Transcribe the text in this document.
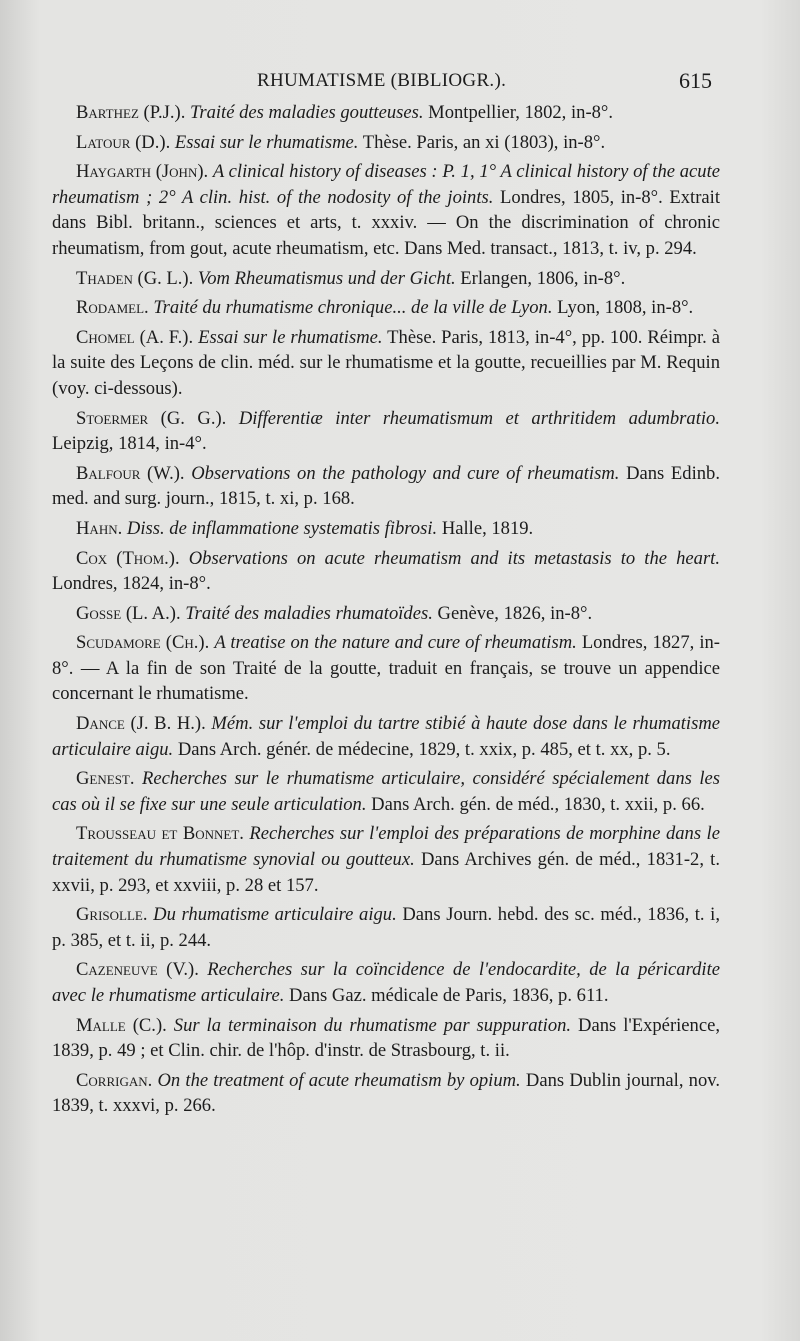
RHUMATISME (BIBLIOGR.).	615

Barthez (P.J.). Traité des maladies goutteuses. Montpellier, 1802, in-8°.

Latour (D.). Essai sur le rhumatisme. Thèse. Paris, an xi (1803), in-8°.

Haygarth (John). A clinical history of diseases : P. 1, 1° A clinical history of the acute rheumatism ; 2° A clin. hist. of the nodosity of the joints. Londres, 1805, in-8°. Extrait dans Bibl. britann., sciences et arts, t. xxxiv. — On the discrimination of chronic rheumatism, from gout, acute rheumatism, etc. Dans Med. transact., 1813, t. iv, p. 294.

Thaden (G. L.). Vom Rheumatismus und der Gicht. Erlangen, 1806, in-8°.

Rodamel. Traité du rhumatisme chronique... de la ville de Lyon. Lyon, 1808, in-8°.

Chomel (A. F.). Essai sur le rhumatisme. Thèse. Paris, 1813, in-4°, pp. 100. Réimpr. à la suite des Leçons de clin. méd. sur le rhumatisme et la goutte, recueillies par M. Requin (voy. ci-dessous).

Stoermer (G. G.). Differentiæ inter rheumatismum et arthritidem adumbratio. Leipzig, 1814, in-4°.

Balfour (W.). Observations on the pathology and cure of rheumatism. Dans Edinb. med. and surg. journ., 1815, t. xi, p. 168.

Hahn. Diss. de inflammatione systematis fibrosi. Halle, 1819.

Cox (Thom.). Observations on acute rheumatism and its metastasis to the heart. Londres, 1824, in-8°.

Gosse (L. A.). Traité des maladies rhumatoïdes. Genève, 1826, in-8°.

Scudamore (Ch.). A treatise on the nature and cure of rheumatism. Londres, 1827, in-8°. — A la fin de son Traité de la goutte, traduit en français, se trouve un appendice concernant le rhumatisme.

Dance (J. B. H.). Mém. sur l'emploi du tartre stibié à haute dose dans le rhumatisme articulaire aigu. Dans Arch. génér. de médecine, 1829, t. xxix, p. 485, et t. xx, p. 5.

Genest. Recherches sur le rhumatisme articulaire, considéré spécialement dans les cas où il se fixe sur une seule articulation. Dans Arch. gén. de méd., 1830, t. xxii, p. 66.

Trousseau et Bonnet. Recherches sur l'emploi des préparations de morphine dans le traitement du rhumatisme synovial ou goutteux. Dans Archives gén. de méd., 1831-2, t. xxvii, p. 293, et xxviii, p. 28 et 157.

Grisolle. Du rhumatisme articulaire aigu. Dans Journ. hebd. des sc. méd., 1836, t. i, p. 385, et t. ii, p. 244.

Cazeneuve (V.). Recherches sur la coïncidence de l'endocardite, de la péricardite avec le rhumatisme articulaire. Dans Gaz. médicale de Paris, 1836, p. 611.

Malle (C.). Sur la terminaison du rhumatisme par suppuration. Dans l'Expérience, 1839, p. 49 ; et Clin. chir. de l'hôp. d'instr. de Strasbourg, t. ii.

Corrigan. On the treatment of acute rheumatism by opium. Dans Dublin journal, nov. 1839, t. xxxvi, p. 266.
